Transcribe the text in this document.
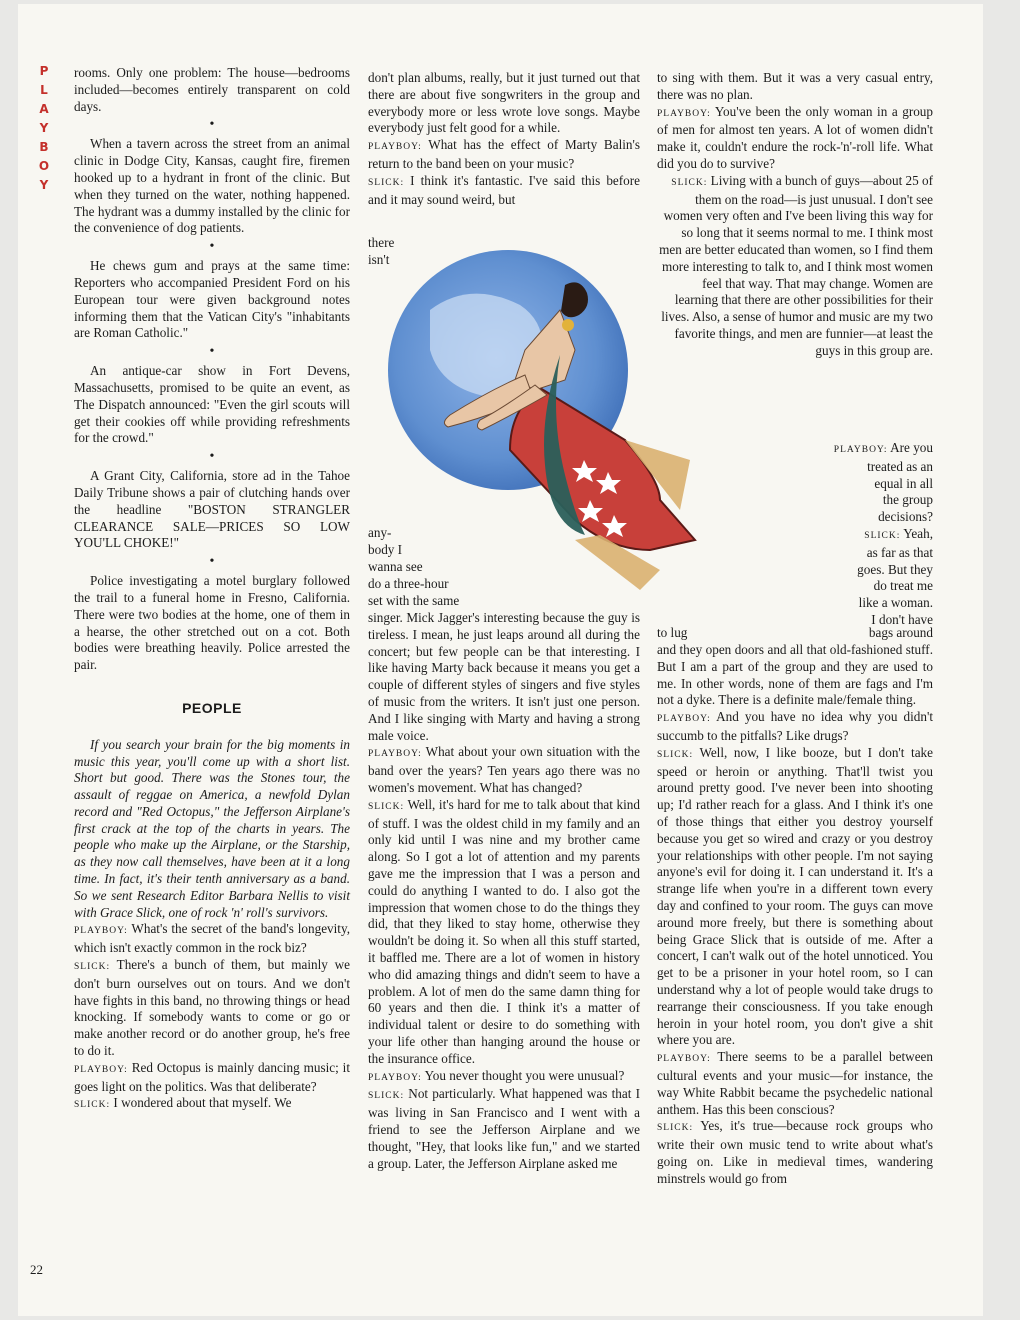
P
L
A
Y
B
O
Y
22

rooms. Only one problem: The house—bedrooms included—becomes entirely transparent on cold days.

•

When a tavern across the street from an animal clinic in Dodge City, Kansas, caught fire, firemen hooked up to a hydrant in front of the clinic. But when they turned on the water, nothing happened. The hydrant was a dummy installed by the clinic for the convenience of dog patients.

•

He chews gum and prays at the same time: Reporters who accompanied President Ford on his European tour were given background notes informing them that the Vatican City's "inhabitants are Roman Catholic."

•

An antique-car show in Fort Devens, Massachusetts, promised to be quite an event, as The Dispatch announced: "Even the girl scouts will get their cookies off while providing refreshments for the crowd."

•

A Grant City, California, store ad in the Tahoe Daily Tribune shows a pair of clutching hands over the headline "BOSTON STRANGLER CLEARANCE SALE—PRICES SO LOW YOU'LL CHOKE!"

•

Police investigating a motel burglary followed the trail to a funeral home in Fresno, California. There were two bodies at the home, one of them in a hearse, the other stretched out on a cot. Both bodies were breathing heavily. Police arrested the pair.

PEOPLE

If you search your brain for the big moments in music this year, you'll come up with a short list. Short but good. There was the Stones tour, the assault of reggae on America, a newfold Dylan record and "Red Octopus," the Jefferson Airplane's first crack at the top of the charts in years. The people who make up the Airplane, or the Starship, as they now call themselves, have been at it a long time. In fact, it's their tenth anniversary as a band. So we sent Research Editor Barbara Nellis to visit with Grace Slick, one of rock 'n' roll's survivors.

PLAYBOY: What's the secret of the band's longevity, which isn't exactly common in the rock biz?

SLICK: There's a bunch of them, but mainly we don't burn ourselves out on tours. And we don't have fights in this band, no throwing things or head knocking. If somebody wants to come or go or make another record or do another group, he's free to do it.

PLAYBOY: Red Octopus is mainly dancing music; it goes light on the politics. Was that deliberate?

SLICK: I wondered about that myself. We

don't plan albums, really, but it just turned out that there are about five songwriters in the group and everybody more or less wrote love songs. Maybe everybody just felt good for a while.

PLAYBOY: What has the effect of Marty Balin's return to the band been on your music?

SLICK: I think it's fantastic. I've said this before and it may sound weird, but

there
isn't
any-
body I
wanna see
do a three-hour
set with the same

singer. Mick Jagger's interesting because the guy is tireless. I mean, he just leaps around all during the concert; but few people can be that interesting. I like having Marty back because it means you get a couple of different styles of singers and five styles of music from the writers. It isn't just one person. And I like singing with Marty and having a strong male voice.

PLAYBOY: What about your own situation with the band over the years? Ten years ago there was no women's movement. What has changed?

SLICK: Well, it's hard for me to talk about that kind of stuff. I was the oldest child in my family and an only kid until I was nine and my brother came along. So I got a lot of attention and my parents gave me the impression that I was a person and could do anything I wanted to do. I also got the impression that women chose to do the things they did, that they liked to stay home, otherwise they wouldn't be doing it. So when all this stuff started, it baffled me. There are a lot of women in history who did amazing things and didn't seem to have a problem. A lot of men do the same damn thing for 60 years and then die. I think it's a matter of individual talent or desire to do something with your life other than hanging around the house or the insurance office.

PLAYBOY: You never thought you were unusual?

SLICK: Not particularly. What happened was that I was living in San Francisco and I went with a friend to see the Jefferson Airplane and we thought, "Hey, that looks like fun," and we started a group. Later, the Jefferson Airplane asked me

to sing with them. But it was a very casual entry, there was no plan.

PLAYBOY: You've been the only woman in a group of men for almost ten years. A lot of women didn't make it, couldn't endure the rock-'n'-roll life. What did you do to survive?

SLICK: Living with a bunch of guys—about 25 of them on the road—is just unusual. I don't see women very often and I've been living this way for so long that it seems normal to me. I think most men are better educated than women, so I find them more interesting to talk to, and I think most women feel that way. That may change. Women are learning that there are other possibilities for their lives. Also, a sense of humor and music are my two favorite things, and men are funnier—at least the guys in this group are.

PLAYBOY: Are you
treated as an
equal in all
the group
decisions?
SLICK: Yeah,
as far as that
goes. But they
do treat me
like a woman.
I don't have
to lug	bags around

and they open doors and all that old-fashioned stuff. But I am a part of the group and they are used to me. In other words, none of them are fags and I'm not a dyke. There is a definite male/female thing.

PLAYBOY: And you have no idea why you didn't succumb to the pitfalls? Like drugs?

SLICK: Well, now, I like booze, but I don't take speed or heroin or anything. That'll twist you around pretty good. I've never been into shooting up; I'd rather reach for a glass. And I think it's one of those things that either you destroy yourself because you get so wired and crazy or you destroy your relationships with other people. I'm not saying anyone's evil for doing it. I can understand it. It's a strange life when you're in a different town every day and confined to your room. The guys can move around more freely, but there is something about being Grace Slick that is outside of me. After a concert, I can't walk out of the hotel unnoticed. You get to be a prisoner in your hotel room, so I can understand why a lot of people would take drugs to rearrange their consciousness. If you take enough heroin in your hotel room, you don't give a shit where you are.

PLAYBOY: There seems to be a parallel between cultural events and your music—for instance, the way White Rabbit became the psychedelic national anthem. Has this been conscious?

SLICK: Yes, it's true—because rock groups who write their own music tend to write about what's going on. Like in medieval times, wandering minstrels would go from
